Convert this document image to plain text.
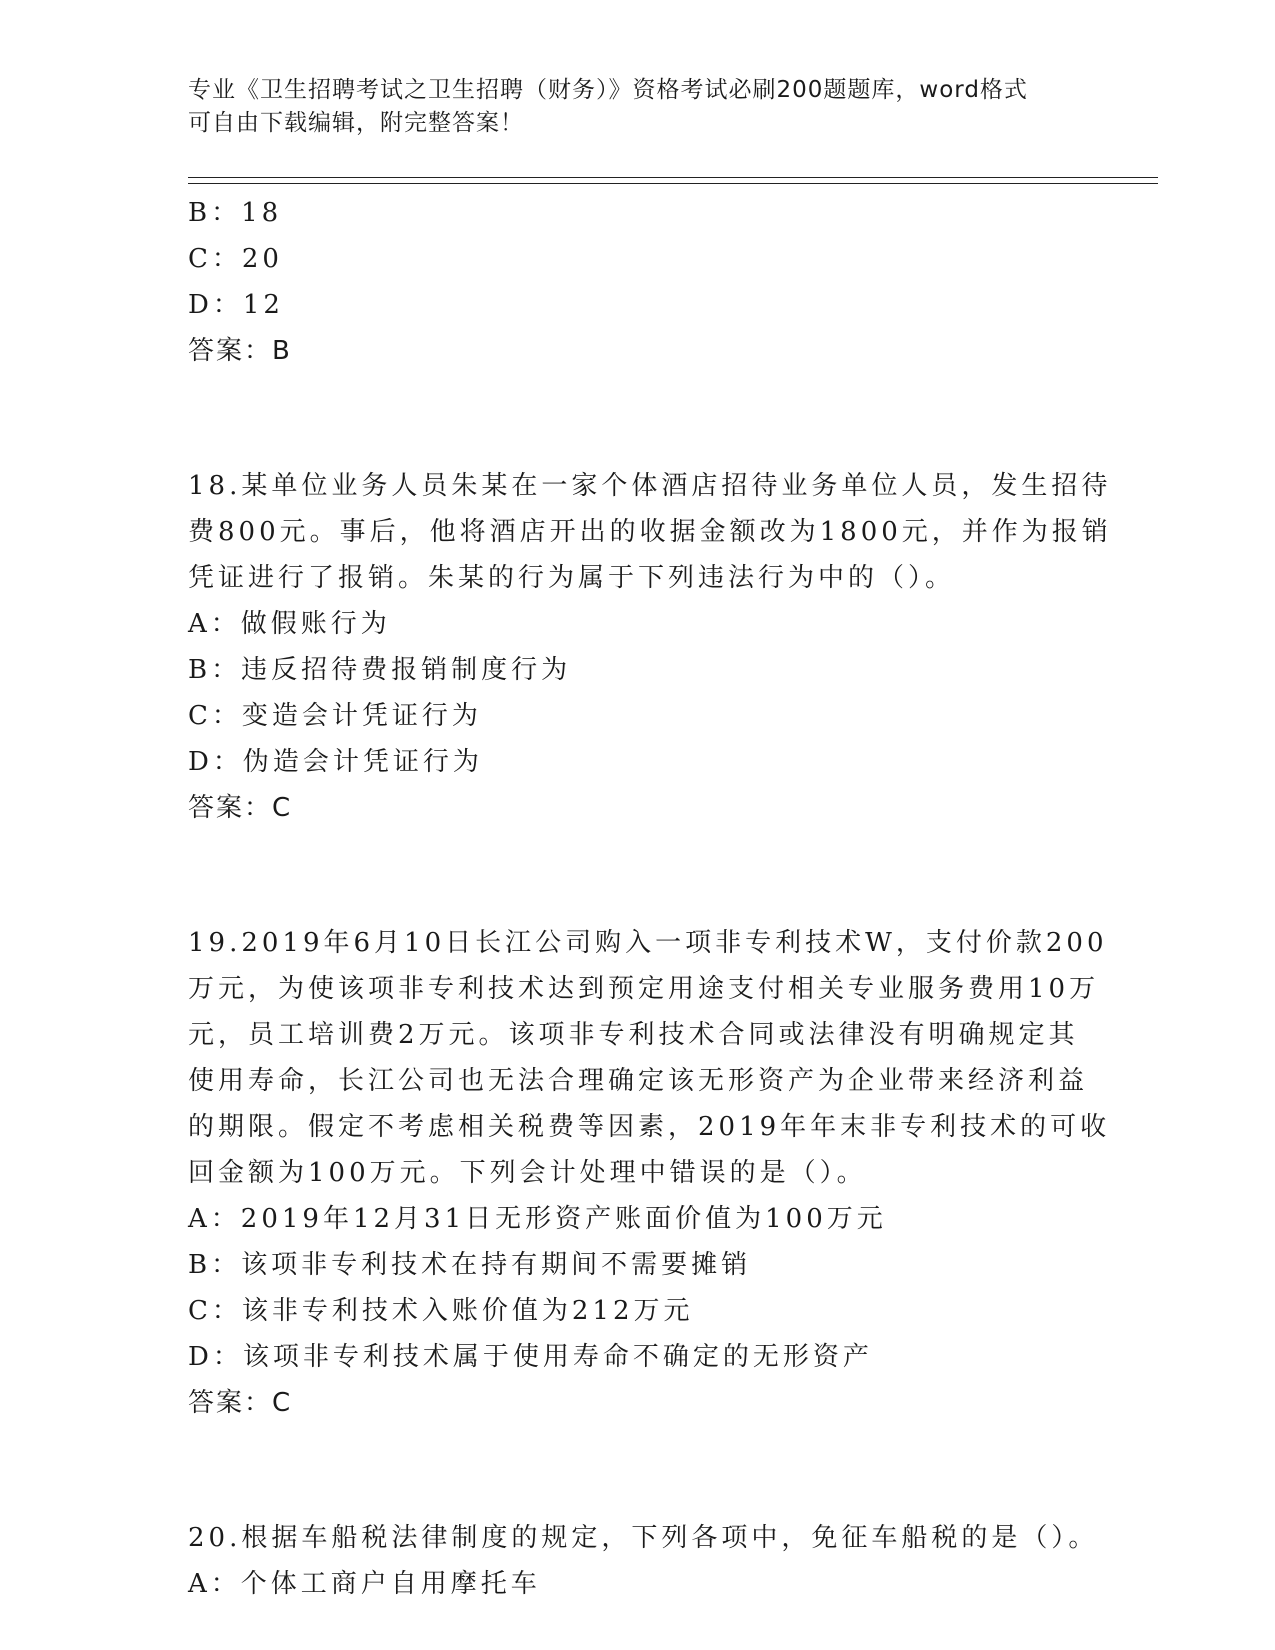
专业《卫生招聘考试之卫生招聘（财务）》资格考试必刷200题题库，word格式
可自由下载编辑，附完整答案！
B：18
C：20
D：12
答案：B
18.某单位业务人员朱某在一家个体酒店招待业务单位人员，发生招待
费800元。事后，他将酒店开出的收据金额改为1800元，并作为报销
凭证进行了报销。朱某的行为属于下列违法行为中的（）。
A：做假账行为
B：违反招待费报销制度行为
C：变造会计凭证行为
D：伪造会计凭证行为
答案：C
19.2019年6月10日长江公司购入一项非专利技术W，支付价款200
万元，为使该项非专利技术达到预定用途支付相关专业服务费用10万
元，员工培训费2万元。该项非专利技术合同或法律没有明确规定其
使用寿命，长江公司也无法合理确定该无形资产为企业带来经济利益
的期限。假定不考虑相关税费等因素，2019年年末非专利技术的可收
回金额为100万元。下列会计处理中错误的是（）。
A：2019年12月31日无形资产账面价值为100万元
B：该项非专利技术在持有期间不需要摊销
C：该非专利技术入账价值为212万元
D：该项非专利技术属于使用寿命不确定的无形资产
答案：C
20.根据车船税法律制度的规定，下列各项中，免征车船税的是（）。
A：个体工商户自用摩托车
